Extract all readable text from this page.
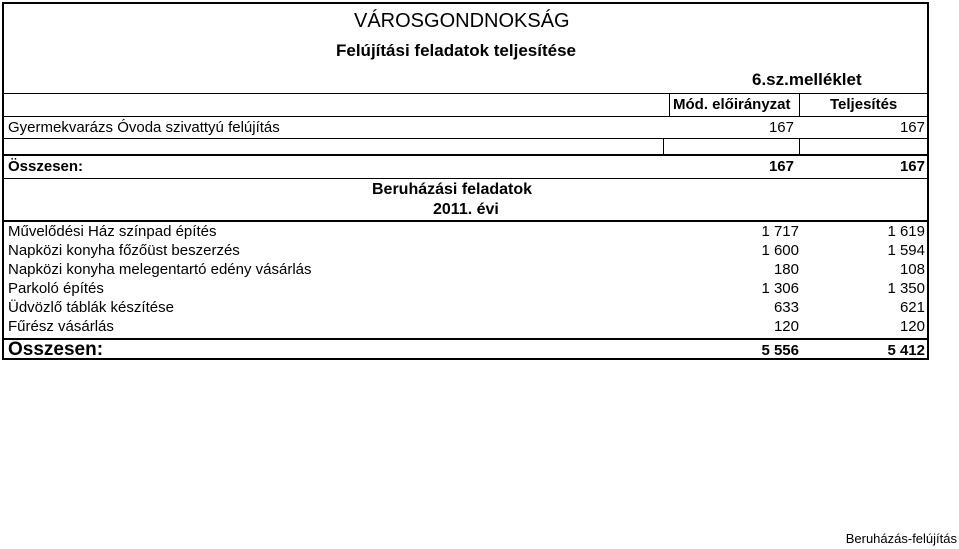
VÁROSGONDNOKSÁG
Felújítási feladatok teljesítése
6.sz.melléklet
Mód. előirányzat	Teljesítés
Gyermekvarázs Óvoda szivattyú felújítás	167	167
Összesen:	167	167
Beruházási feladatok
2011. évi
Művelődési Ház színpad építés	1 717	1 619
Napközi konyha főzőüst beszerzés	1 600	1 594
Napközi konyha melegentartó edény vásárlás	180	108
Parkoló építés	1 306	1 350
Üdvözlő táblák készítése	633	621
Fűrész vásárlás	120	120
Összesen:	5 556	5 412
Beruházás-felújítás
